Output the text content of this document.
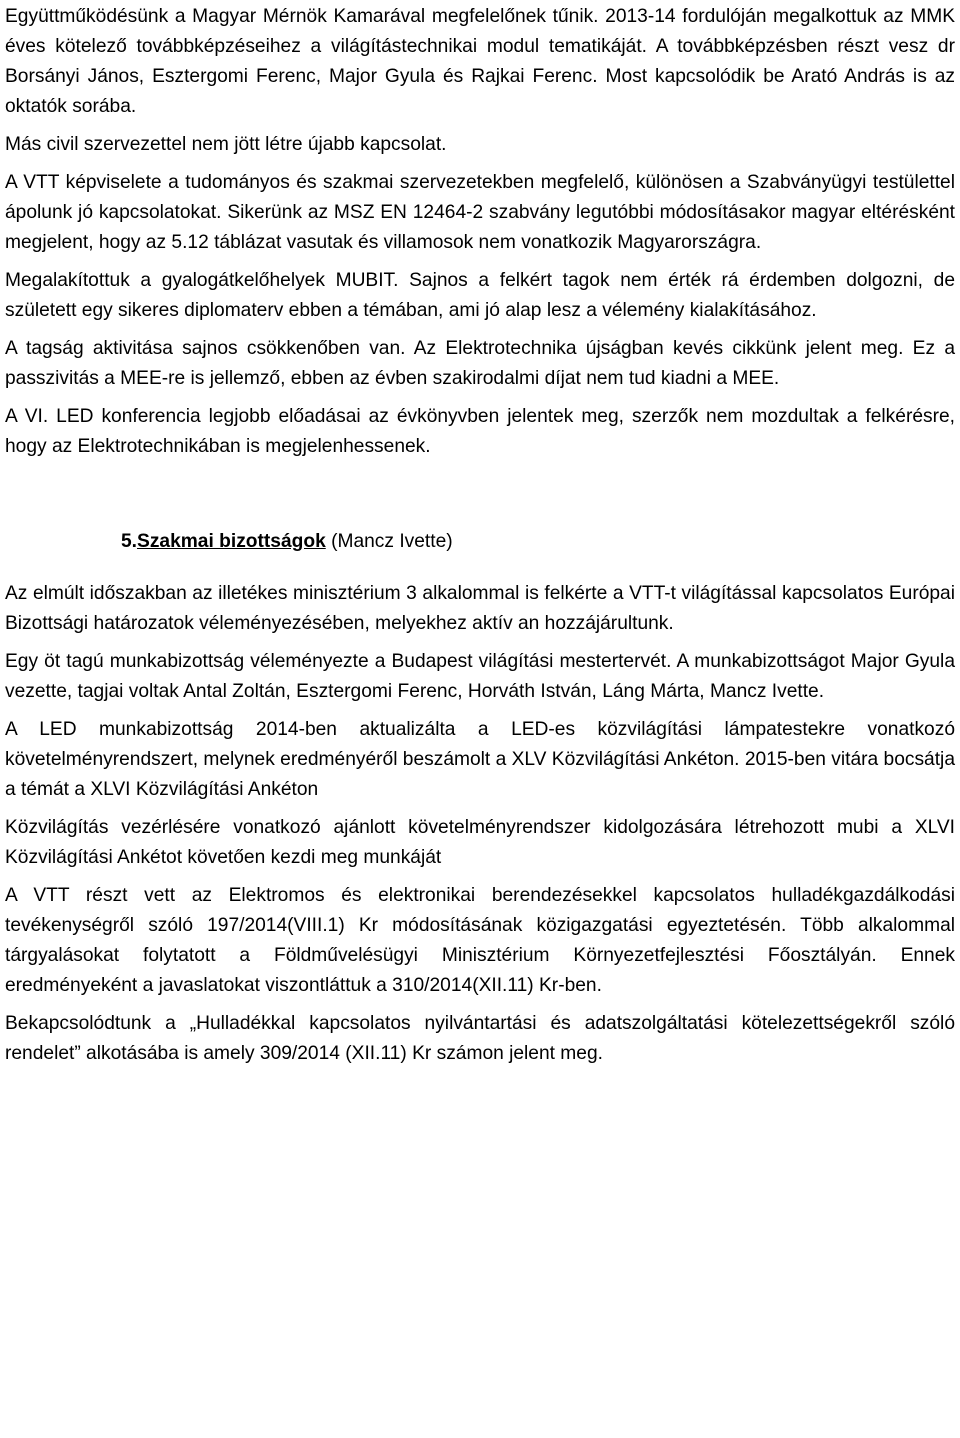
Együttműködésünk a Magyar Mérnök Kamarával megfelelőnek tűnik. 2013-14 fordulóján megalkottuk az MMK éves kötelező továbbképzéseihez a világítástechnikai modul tematikáját. A továbbképzésben részt vesz dr Borsányi János, Esztergomi Ferenc, Major Gyula és Rajkai Ferenc. Most kapcsolódik be Arató András is az oktatók sorába.

Más civil szervezettel nem jött létre újabb kapcsolat.

A VTT képviselete a tudományos és szakmai szervezetekben megfelelő, különösen a Szabványügyi testülettel ápolunk jó kapcsolatokat. Sikerünk az MSZ EN 12464-2 szabvány legutóbbi módosításakor magyar eltérésként megjelent, hogy az 5.12 táblázat vasutak és villamosok nem vonatkozik Magyarországra.

Megalakítottuk a gyalogátkelőhelyek MUBIT. Sajnos a felkért tagok nem érték rá érdemben dolgozni, de született egy sikeres diplomaterv ebben a témában, ami jó alap lesz a vélemény kialakításához.

A tagság aktivitása sajnos csökkenőben van. Az Elektrotechnika újságban kevés cikkünk jelent meg. Ez a passzivitás a MEE-re is jellemző, ebben az évben szakirodalmi díjat nem tud kiadni a MEE.

A VI. LED konferencia legjobb előadásai az évkönyvben jelentek meg, szerzők nem mozdultak a felkérésre, hogy az Elektrotechnikában is megjelenhessenek.

5.Szakmai bizottságok (Mancz Ivette)

Az elmúlt időszakban az illetékes minisztérium 3 alkalommal is felkérte a VTT-t világítással kapcsolatos Európai Bizottsági határozatok véleményezésében, melyekhez aktív an hozzájárultunk.

Egy öt tagú munkabizottság véleményezte a Budapest világítási mestertervét. A munkabizottságot Major Gyula vezette, tagjai voltak Antal Zoltán, Esztergomi Ferenc, Horváth István, Láng Márta, Mancz Ivette.

A LED munkabizottság 2014-ben aktualizálta a LED-es közvilágítási lámpatestekre vonatkozó követelményrendszert, melynek eredményéről beszámolt a XLV Közvilágítási Ankéton. 2015-ben vitára bocsátja a témát a XLVI Közvilágítási Ankéton

Közvilágítás vezérlésére vonatkozó ajánlott követelményrendszer kidolgozására létrehozott mubi a XLVI Közvilágítási Ankétot követően kezdi meg munkáját

A VTT részt vett az Elektromos és elektronikai berendezésekkel kapcsolatos hulladékgazdálkodási tevékenységről szóló 197/2014(VIII.1) Kr módosításának közigazgatási egyeztetésén. Több alkalommal tárgyalásokat folytatott a Földművelésügyi Minisztérium Környezetfejlesztési Főosztályán. Ennek eredményeként a javaslatokat viszontláttuk a 310/2014(XII.11) Kr-ben.

Bekapcsolódtunk a „Hulladékkal kapcsolatos nyilvántartási és adatszolgáltatási kötelezettségekről szóló rendelet” alkotásába is amely 309/2014 (XII.11) Kr számon jelent meg.
